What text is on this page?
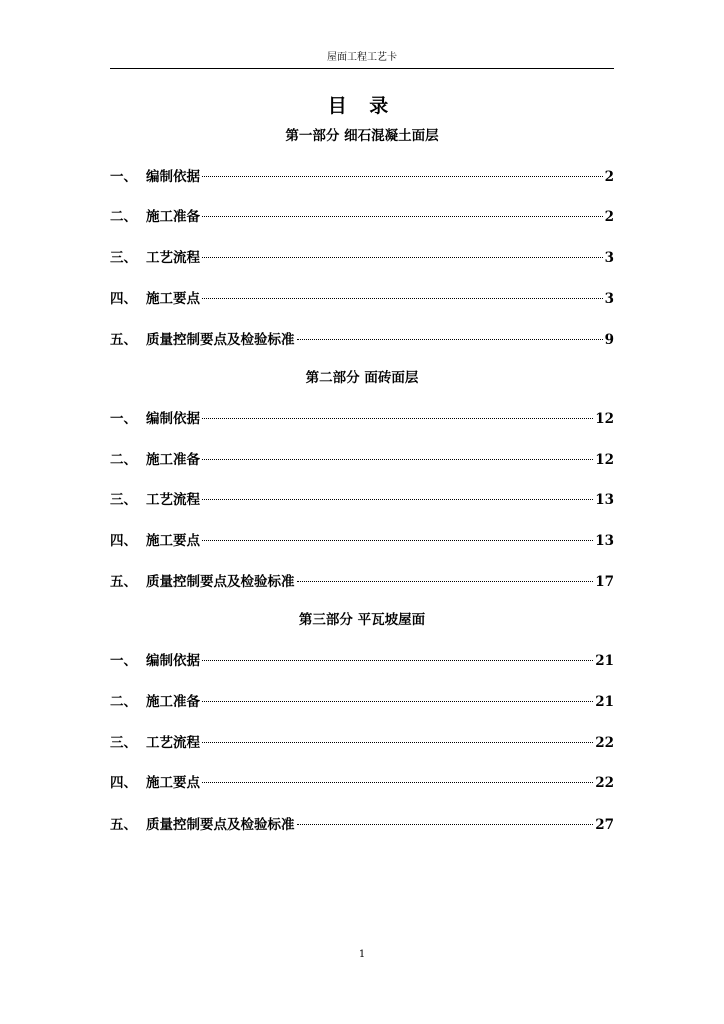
屋面工程工艺卡
目 录
第一部分 细石混凝土面层
一、 编制依据	2
二、 施工准备	2
三、 工艺流程	3
四、 施工要点	3
五、 质量控制要点及检验标准	9
第二部分 面砖面层
一、 编制依据	12
二、 施工准备	12
三、 工艺流程	13
四、 施工要点	13
五、 质量控制要点及检验标准	17
第三部分 平瓦坡屋面
一、 编制依据	21
二、 施工准备	21
三、 工艺流程	22
四、 施工要点	22
五、 质量控制要点及检验标准	27
1
